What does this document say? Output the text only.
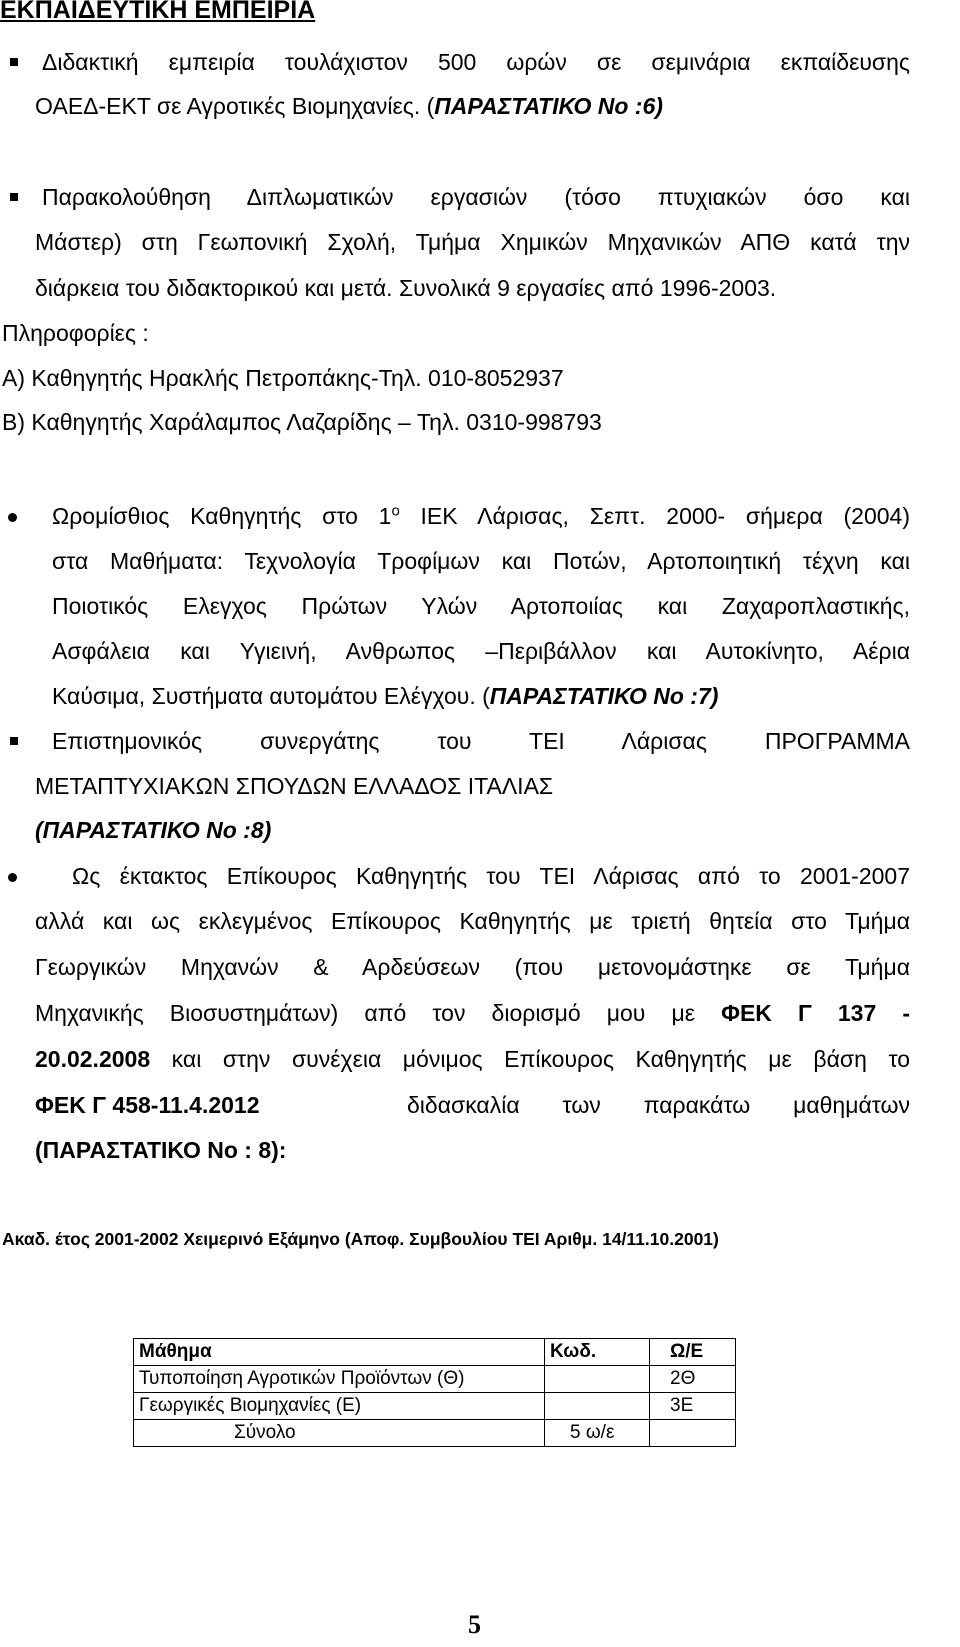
ΕΚΠΑΙΔΕΥΤΙΚΗ ΕΜΠΕΙΡΙΑ
Διδακτική εμπειρία τουλάχιστον 500 ωρών σε σεμινάρια εκπαίδευσης
ΟΑΕΔ-ΕΚΤ σε Αγροτικές Βιομηχανίες. (ΠΑΡΑΣΤΑΤΙΚΟ Νο :6)
Παρακολούθηση Διπλωματικών εργασιών (τόσο πτυχιακών όσο και
Μάστερ) στη Γεωπονική Σχολή, Τμήμα Χημικών Μηχανικών ΑΠΘ κατά την
διάρκεια του διδακτορικού και μετά. Συνολικά 9 εργασίες από 1996-2003.
Πληροφορίες :
Α) Καθηγητής Ηρακλής Πετροπάκης-Τηλ. 010-8052937
Β) Καθηγητής Χαράλαμπος Λαζαρίδης – Τηλ. 0310-998793
Ωρομίσθιος Καθηγητής στο $1^o$ ΙΕΚ Λάρισας, Σεπτ. 2000- σήμερα (2004)
στα Μαθήματα: Τεχνολογία Τροφίμων και Ποτών, Αρτοποιητική τέχνη και
Ποιοτικός Ελεγχος Πρώτων Υλών Αρτοποιίας και Ζαχαροπλαστικής,
Ασφάλεια και Υγιεινή, Ανθρωπος –Περιβάλλον και Αυτοκίνητο, Αέρια
Καύσιμα, Συστήματα αυτομάτου Ελέγχου. (ΠΑΡΑΣΤΑΤΙΚΟ Νο :7)
Επιστημονικός συνεργάτης του ΤΕΙ Λάρισας ΠΡΟΓΡΑΜΜΑ
ΜΕΤΑΠΤΥΧΙΑΚΩΝ ΣΠΟΥΔΩΝ ΕΛΛΑΔΟΣ ΙΤΑΛΙΑΣ
(ΠΑΡΑΣΤΑΤΙΚΟ Νο :8)
Ως έκτακτος Επίκουρος Καθηγητής του ΤΕΙ Λάρισας από το 2001-2007
αλλά και ως εκλεγμένος Επίκουρος Καθηγητής με τριετή θητεία στο Τμήμα
Γεωργικών Μηχανών & Αρδεύσεων (που μετονομάστηκε σε Τμήμα
Μηχανικής Βιοσυστημάτων) από τον διορισμό μου με ΦΕΚ Γ 137 -
20.02.2008 και στην συνέχεια μόνιμος Επίκουρος Καθηγητής με βάση το
ΦΕΚ Γ 458-11.4.2012	διδασκαλία των παρακάτω μαθημάτων
(ΠΑΡΑΣΤΑΤΙΚΟ Νο : 8):
Ακαδ. έτος 2001-2002 Χειμερινό Εξάμηνο (Αποφ. Συμβουλίου ΤΕΙ Αριθμ. 14/11.10.2001)
Μάθημα	Κωδ.	Ω/Ε
Τυποποίηση Αγροτικών Προϊόντων (Θ)		2Θ
Γεωργικές Βιομηχανίες (Ε)		3Ε
Σύνολο	5 ω/ε	
5
